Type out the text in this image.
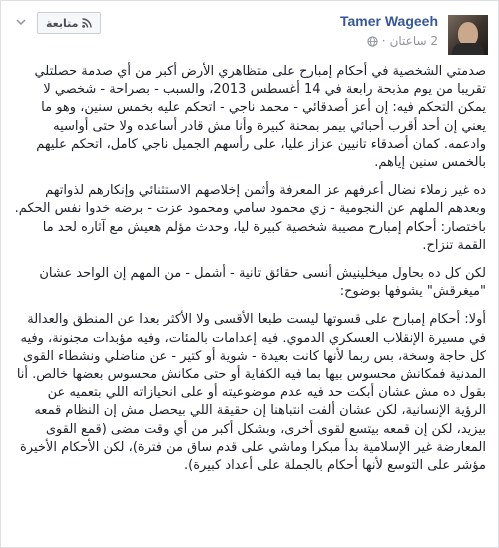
Tamer Wageeh
2 ساعتان
·
متابعة

صدمتي الشخصية في أحكام إمبارح على متظاهري الأرض أكبر من أي صدمة حصلتلي تقريبا من يوم مذبحة رابعة في 14 أغسطس 2013، والسبب - بصراحة - شخصي لا يمكن التحكم فيه: إن أعز أصدقائي - محمد ناجي - اتحكم عليه بخمس سنين، وهو ما يعني إن أحد أقرب أحبائي بيمر بمحنة كبيرة وأنا مش قادر أساعده ولا حتى أواسيه وادعمه. كمان أصدقاء تانيين عزاز عليا، على رأسهم الجميل ناجي كامل، اتحكم عليهم بالخمس سنين إياهم.

ده غير زملاء نضال أعرفهم عز المعرفة وأثمن إخلاصهم الاستثنائي وإنكارهم لذواتهم وبعدهم الملهم عن النجومية - زي محمود سامي ومحمود عزت - برضه خدوا نفس الحكم. باختصار: أحكام إمبارح مصيبة شخصية كبيرة ليا، وحدث مؤلم هعيش مع آثاره لحد ما القمة تنزاح.

لكن كل ده بحاول ميخلينيش أنسى حقائق تانية - أشمل - من المهم إن الواحد عشان "ميغرقش" يشوفها بوضوح:

أولا: أحكام إمبارح على قسوتها ليست طبعا الأقسى ولا الأكثر بعدا عن المنطق والعدالة في مسيرة الإنقلاب العسكري الدموي. فيه إعدامات بالمئات، وفيه مؤبدات مجنونة، وفيه كل حاجة وسخة، بس ربما لأنها كانت بعيدة - شوية أو كتير - عن مناضلي ونشطاء القوى المدنية فمكانش محسوس بيها بما فيه الكفاية أو حتى مكانش محسوس بعضها خالص. أنا بقول ده مش عشان أبكت حد فيه عدم موضوعيته أو على انحيازاته اللي بتعميه عن الرؤية الإنسانية، لكن عشان ألفت انتباهنا إن حقيقة اللي بيحصل مش إن النظام قمعه بيزيد، لكن إن قمعه بيتسع لقوى أخرى، وبشكل أكبر من أي وقت مضى (قمع القوى المعارضة غير الإسلامية بدأ مبكرا وماشي على قدم ساق من فترة)، لكن الأحكام الأخيرة مؤشر على التوسع لأنها أحكام بالجملة على أعداد كبيرة).
